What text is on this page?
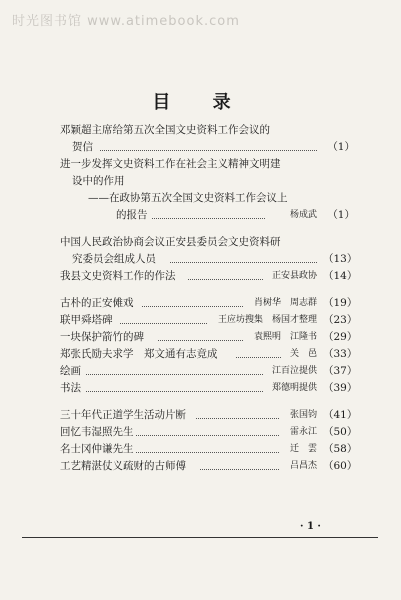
时光图书馆 www.atimebook.com
目 录
邓颖超主席给第五次全国文史资料工作会议的
贺信	（1）
进一步发挥文史资料工作在社会主义精神文明建
设中的作用
——在政协第五次全国文史资料工作会议上
的报告	杨成武 （1）
中国人民政治协商会议正安县委员会文史资料研
究委员会组成人员	（13）
我县文史资料工作的作法	正安县政协 （14）
古朴的正安傩戏	肖树华　周志群 （19）
联甲舜塔碑	王应坊搜集　杨国才整理 （23）
一块保护箭竹的碑	袁熙明　江隆书 （29）
郑张氏励夫求学　郑文通有志竟成	关　邑 （33）
绘画	江百泣提供 （37）
书法	郑德明提供 （39）
三十年代正道学生活动片断	张国钧 （41）
回忆韦湿照先生	雷永江 （50）
名士冈仲谦先生	迁　雲 （58）
工艺精湛仗义疏财的古师傅	吕昌杰 （60）
· 1 ·
